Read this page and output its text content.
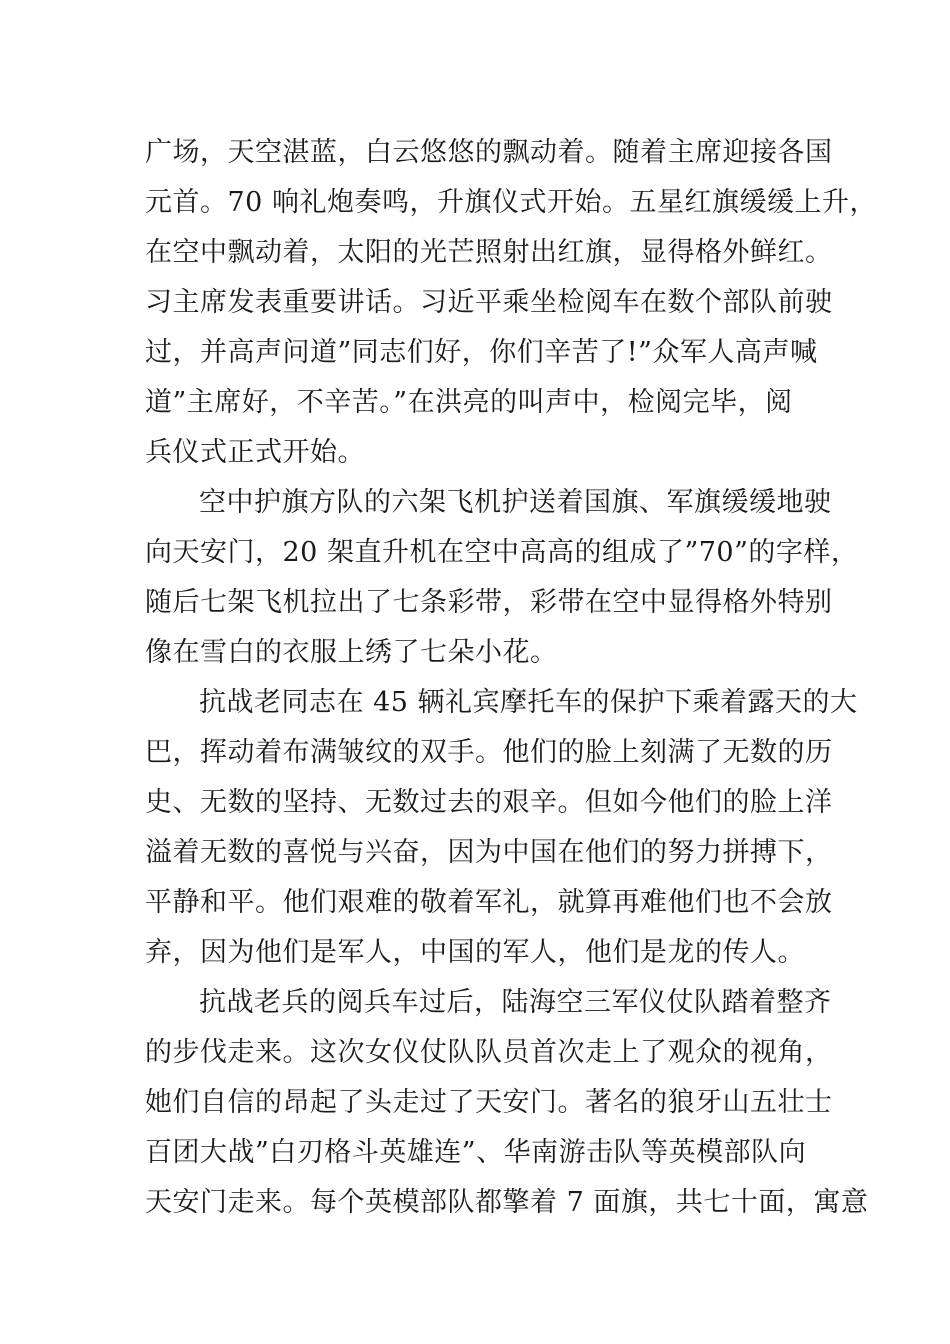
广场，天空湛蓝，白云悠悠的飘动着。随着主席迎接各国
元首。70 响礼炮奏鸣，升旗仪式开始。五星红旗缓缓上升，
在空中飘动着，太阳的光芒照射出红旗，显得格外鲜红。
习主席发表重要讲话。习近平乘坐检阅车在数个部队前驶
过，并高声问道”同志们好，你们辛苦了!”众军人高声喊
道”主席好，不辛苦。”在洪亮的叫声中，检阅完毕，阅
兵仪式正式开始。
空中护旗方队的六架飞机护送着国旗、军旗缓缓地驶
向天安门，20 架直升机在空中高高的组成了”70”的字样，
随后七架飞机拉出了七条彩带，彩带在空中显得格外特别
像在雪白的衣服上绣了七朵小花。
抗战老同志在 45 辆礼宾摩托车的保护下乘着露天的大
巴，挥动着布满皱纹的双手。他们的脸上刻满了无数的历
史、无数的坚持、无数过去的艰辛。但如今他们的脸上洋
溢着无数的喜悦与兴奋，因为中国在他们的努力拼搏下，
平静和平。他们艰难的敬着军礼，就算再难他们也不会放
弃，因为他们是军人，中国的军人，他们是龙的传人。
抗战老兵的阅兵车过后，陆海空三军仪仗队踏着整齐
的步伐走来。这次女仪仗队队员首次走上了观众的视角，
她们自信的昂起了头走过了天安门。著名的狼牙山五壮士
百团大战”白刃格斗英雄连”、华南游击队等英模部队向
天安门走来。每个英模部队都擎着 7 面旗，共七十面，寓意
